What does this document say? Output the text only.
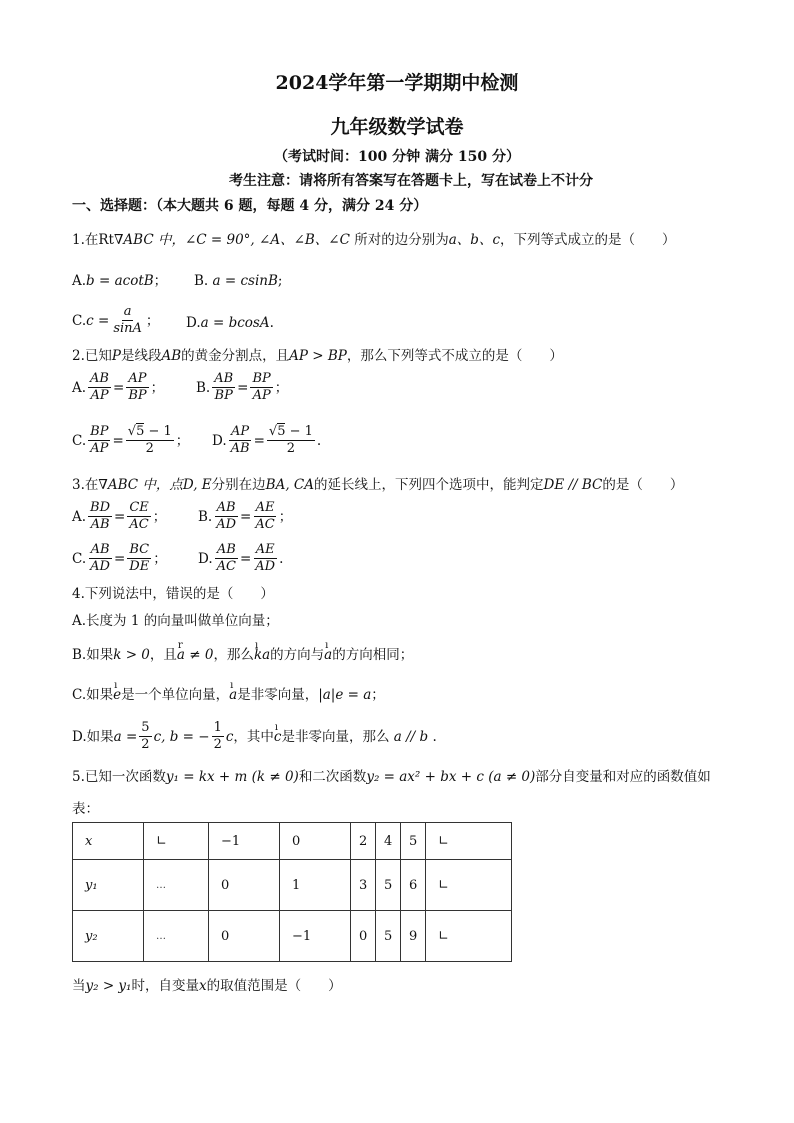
2024学年第一学期期中检测
九年级数学试卷
（考试时间：100 分钟 满分 150 分）
考生注意：请将所有答案写在答题卡上，写在试卷上不计分
一、选择题：（本大题共 6 题，每题 4 分，满分 24 分）
1.在Rt∇ABC 中，∠C = 90°, ∠A、∠B、∠C 所对的边分别为a、b、c，下列等式成立的是（　　）
A. b = acotB ； B.
a = csinB ;
C. $c = \frac{a}{\sin A}$ ； D. a = bcosA .
2.已知P是线段AB的黄金分割点，且AP > BP，那么下列等式不成立的是（　　）
A. $\frac{AB}{AP} = \frac{AP}{BP}$ ； B. $\frac{AB}{BP} = \frac{BP}{AP}$ ；
C. $\frac{BP}{AP} = \frac{√5 - 1}{2}$ ； D. $\frac{AP}{AB} = \frac{√5 - 1}{2}$ .
3.在∇ABC 中，点D, E分别在边BA, CA的延长线上，下列四个选项中，能判定DE // BC的是（　　）
A. $\frac{BD}{AB} = \frac{CE}{AC}$ ； B. $\frac{AB}{AD} = \frac{AE}{AC}$ ；
C. $\frac{AB}{AD} = \frac{BC}{DE}$ ； D. $\frac{AB}{AC} = \frac{AE}{AD}$ .
4.下列说法中，错误的是（　　）
A.长度为 1 的向量叫做单位向量；
B.如果k > 0，且r a ≠ 0，那么ı ka的方向与ı a的方向相同；
C.如果ı e是一个单位向量，ı a是非零向量，|a|e = a；
D.如果 $a = \frac{5}{2} c$, b = − $\frac{1}{2}$ c ，其中 ı c 是非零向量，那么
a // b
.
5.已知一次函数y₁ = kx + m (k ≠ 0)和二次函数y₂ = ax² + bx + c (a ≠ 0)部分自变量和对应的函数值如
表：
x	∟	−1	0	2	4	5	∟
y₁	…	0	1	3	5	6	∟
y₂	…	0	−1	0	5	9	∟
当y₂ > y₁时，自变量x的取值范围是（　　）
